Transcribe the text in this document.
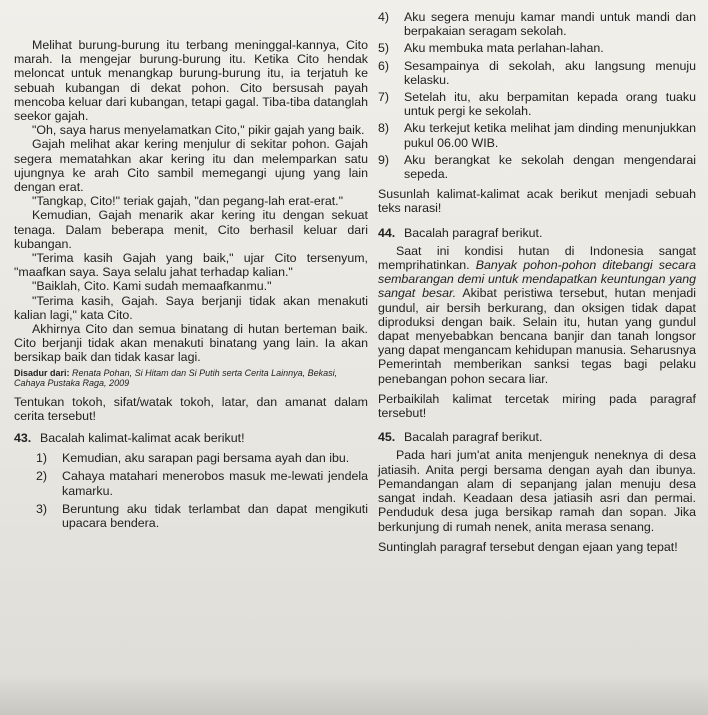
Melihat burung-burung itu terbang meninggal-kannya, Cito marah. Ia mengejar burung-burung itu. Ketika Cito hendak meloncat untuk menangkap burung-burung itu, ia terjatuh ke sebuah kubangan di dekat pohon. Cito bersusah payah mencoba keluar dari kubangan, tetapi gagal. Tiba-tiba datanglah seekor gajah.

"Oh, saya harus menyelamatkan Cito," pikir gajah yang baik.

Gajah melihat akar kering menjulur di sekitar pohon. Gajah segera mematahkan akar kering itu dan melemparkan satu ujungnya ke arah Cito sambil memegangi ujung yang lain dengan erat.

"Tangkap, Cito!" teriak gajah, "dan pegang-lah erat-erat."

Kemudian, Gajah menarik akar kering itu dengan sekuat tenaga. Dalam beberapa menit, Cito berhasil keluar dari kubangan.

"Terima kasih Gajah yang baik," ujar Cito tersenyum, "maafkan saya. Saya selalu jahat terhadap kalian."

"Baiklah, Cito. Kami sudah memaafkanmu."

"Terima kasih, Gajah. Saya berjanji tidak akan menakuti kalian lagi," kata Cito.

Akhirnya Cito dan semua binatang di hutan berteman baik. Cito berjanji tidak akan menakuti binatang yang lain. Ia akan bersikap baik dan tidak kasar lagi.

Disadur dari: Renata Pohan, Si Hitam dan Si Putih serta Cerita Lainnya, Bekasi, Cahaya Pustaka Raga, 2009

Tentukan tokoh, sifat/watak tokoh, latar, dan amanat dalam cerita tersebut!

43. Bacalah kalimat-kalimat acak berikut!

1) Kemudian, aku sarapan pagi bersama ayah dan ibu.
2) Cahaya matahari menerobos masuk me-lewati jendela kamarku.
3) Beruntung aku tidak terlambat dan dapat mengikuti upacara bendera.
4) Aku segera menuju kamar mandi untuk mandi dan berpakaian seragam sekolah.
5) Aku membuka mata perlahan-lahan.
6) Sesampainya di sekolah, aku langsung menuju kelasku.
7) Setelah itu, aku berpamitan kepada orang tuaku untuk pergi ke sekolah.
8) Aku terkejut ketika melihat jam dinding menunjukkan pukul 06.00 WIB.
9) Aku berangkat ke sekolah dengan mengendarai sepeda.

Susunlah kalimat-kalimat acak berikut menjadi sebuah teks narasi!

44. Bacalah paragraf berikut.

Saat ini kondisi hutan di Indonesia sangat memprihatinkan. Banyak pohon-pohon ditebangi secara sembarangan demi untuk mendapatkan keuntungan yang sangat besar. Akibat peristiwa tersebut, hutan menjadi gundul, air bersih berkurang, dan oksigen tidak dapat diproduksi dengan baik. Selain itu, hutan yang gundul dapat menyebabkan bencana banjir dan tanah longsor yang dapat mengancam kehidupan manusia. Seharusnya Pemerintah memberikan sanksi tegas bagi pelaku penebangan pohon secara liar.

Perbaikilah kalimat tercetak miring pada paragraf tersebut!

45. Bacalah paragraf berikut.

Pada hari jum'at anita menjenguk neneknya di desa jatiasih. Anita pergi bersama dengan ayah dan ibunya. Pemandangan alam di sepanjang jalan menuju desa sangat indah. Keadaan desa jatiasih asri dan permai. Penduduk desa juga bersikap ramah dan sopan. Jika berkunjung di rumah nenek, anita merasa senang.

Suntinglah paragraf tersebut dengan ejaan yang tepat!
